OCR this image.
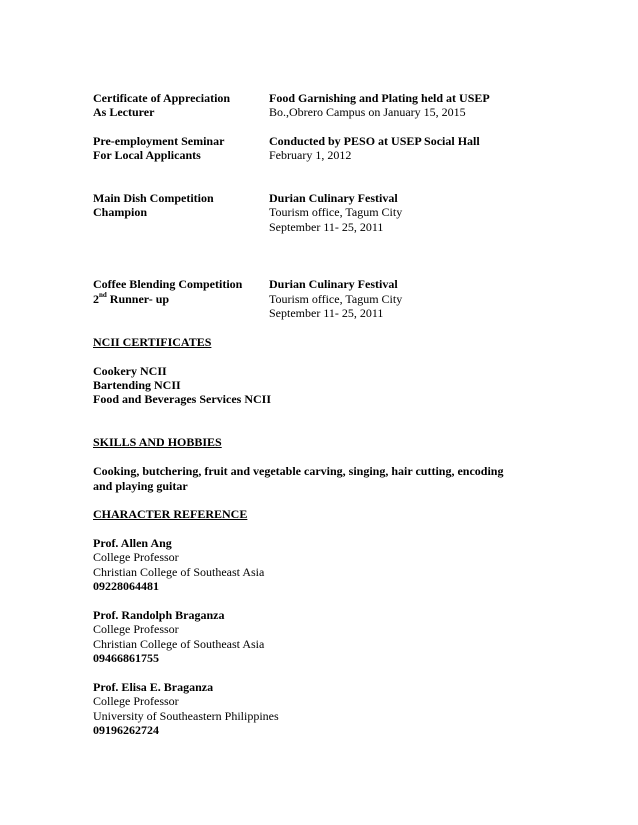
Certificate of Appreciation
As Lecturer
Food Garnishing and Plating held at USEP
Bo.,Obrero Campus on January 15, 2015
Pre-employment Seminar
For Local Applicants
Conducted by PESO at USEP Social Hall
February 1, 2012
Main Dish Competition
Champion
Durian Culinary Festival
Tourism office, Tagum City
September 11- 25, 2011
Coffee Blending Competition
2nd Runner- up
Durian Culinary Festival
Tourism office, Tagum City
September 11- 25, 2011
NCII CERTIFICATES
Cookery NCII
Bartending NCII
Food and Beverages Services NCII
SKILLS AND HOBBIES
Cooking, butchering, fruit and vegetable carving, singing, hair cutting, encoding
and playing guitar
CHARACTER REFERENCE
Prof. Allen Ang
College Professor
Christian College of Southeast Asia
09228064481
Prof. Randolph Braganza
College Professor
Christian College of Southeast Asia
09466861755
Prof. Elisa E. Braganza
College Professor
University of Southeastern Philippines
09196262724
